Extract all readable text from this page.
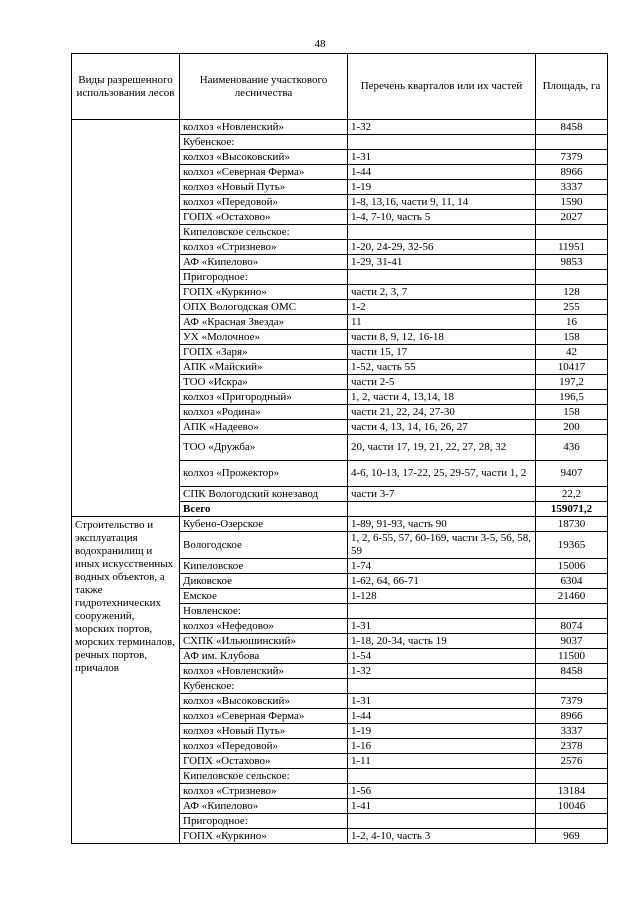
48
Виды разрешенного использования лесов	Наименование участкового лесничества	Перечень кварталов или их частей	Площадь, га
	колхоз «Новленский»	1-32	8458
	Кубенское:		
	колхоз «Высоковский»	1-31	7379
	колхоз «Северная Ферма»	1-44	8966
	колхоз «Новый Путь»	1-19	3337
	колхоз «Передовой»	1-8, 13,16, части 9, 11, 14	1590
	ГОПХ «Остахово»	1-4, 7-10, часть 5	2027
	Кипеловское сельское:		
	колхоз «Стризнево»	1-20, 24-29, 32-56	11951
	АФ «Кипелово»	1-29, 31-41	9853
	Пригородное:		
	ГОПХ «Куркино»	части 2, 3, 7	128
	ОПХ Вологодская ОМС	1-2	255
	АФ «Красная Звезда»	11	16
	УХ «Молочное»	части 8, 9, 12, 16-18	158
	ГОПХ «Заря»	части 15, 17	42
	АПК «Майский»	1-52, часть 55	10417
	ТОО «Искра»	части 2-5	197,2
	колхоз «Пригородный»	1, 2, части 4, 13,14, 18	196,5
	колхоз «Родина»	части 21, 22, 24, 27-30	158
	АПК «Надеево»	части 4, 13, 14, 16, 26, 27	200
	ТОО «Дружба»	20, части 17, 19, 21, 22, 27, 28, 32	436
	колхоз «Прожектор»	4-6, 10-13, 17-22, 25, 29-57, части 1, 2	9407
	СПК Вологодский конезавод	части 3-7	22,2
	Всего		159071,2
Строительство и эксплуатация водохранилищ и иных искусственных водных объектов, а также гидротехнических сооружений, морских портов, морских терминалов, речных портов, причалов	Кубено-Озерское	1-89, 91-93, часть 90	18730
	Вологодское	1, 2, 6-55, 57, 60-169, части 3-5, 56, 58, 59	19365
	Кипеловское	1-74	15006
	Диковское	1-62, 64, 66-71	6304
	Емское	1-128	21460
	Новленское:		
	колхоз «Нефедово»	1-31	8074
	СХПК «Ильюшинский»	1-18, 20-34, часть 19	9037
	АФ им. Клубова	1-54	11500
	колхоз «Новленский»	1-32	8458
	Кубенское:		
	колхоз «Высоковский»	1-31	7379
	колхоз «Северная Ферма»	1-44	8966
	колхоз «Новый Путь»	1-19	3337
	колхоз «Передовой»	1-16	2378
	ГОПХ «Остахово»	1-11	2576
	Кипеловское сельское:		
	колхоз «Стризнево»	1-56	13184
	АФ «Кипелово»	1-41	10046
	Пригородное:		
	ГОПХ «Куркино»	1-2, 4-10, часть 3	969
